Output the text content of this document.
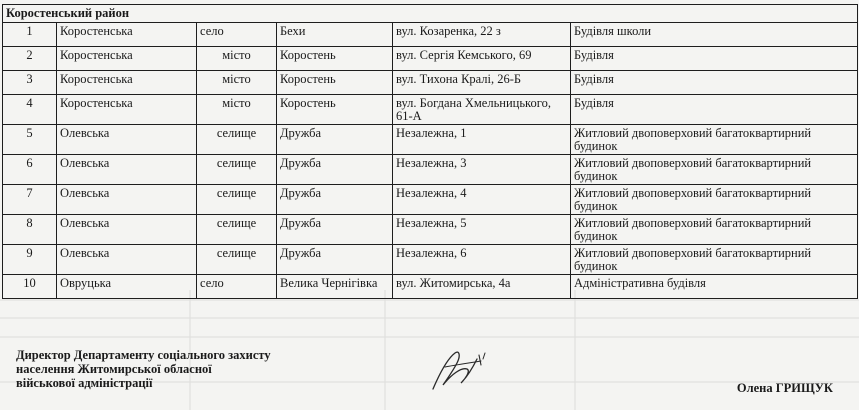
Коростенський район					
1	Коростенська	село	Бехи	вул. Козаренка, 22 з	Будівля школи
2	Коростенська	місто	Коростень	вул. Сергія Кемського, 69	Будівля
3	Коростенська	місто	Коростень	вул. Тихона Кралі, 26-Б	Будівля
4	Коростенська	місто	Коростень	вул. Богдана Хмельницького, 61-А	Будівля
5	Олевська	селище	Дружба	Незалежна, 1	Житловий двоповерховий багатоквартирний будинок
6	Олевська	селище	Дружба	Незалежна, 3	Житловий двоповерховий багатоквартирний будинок
7	Олевська	селище	Дружба	Незалежна, 4	Житловий двоповерховий багатоквартирний будинок
8	Олевська	селище	Дружба	Незалежна, 5	Житловий двоповерховий багатоквартирний будинок
9	Олевська	селище	Дружба	Незалежна, 6	Житловий двоповерховий багатоквартирний будинок
10	Овруцька	село	Велика Чернігівка	вул. Житомирська, 4а	Адміністративна будівля
Директор Департаменту соціального захисту
населення Житомирської обласної
військової адміністрації	Олена ГРИЩУК
